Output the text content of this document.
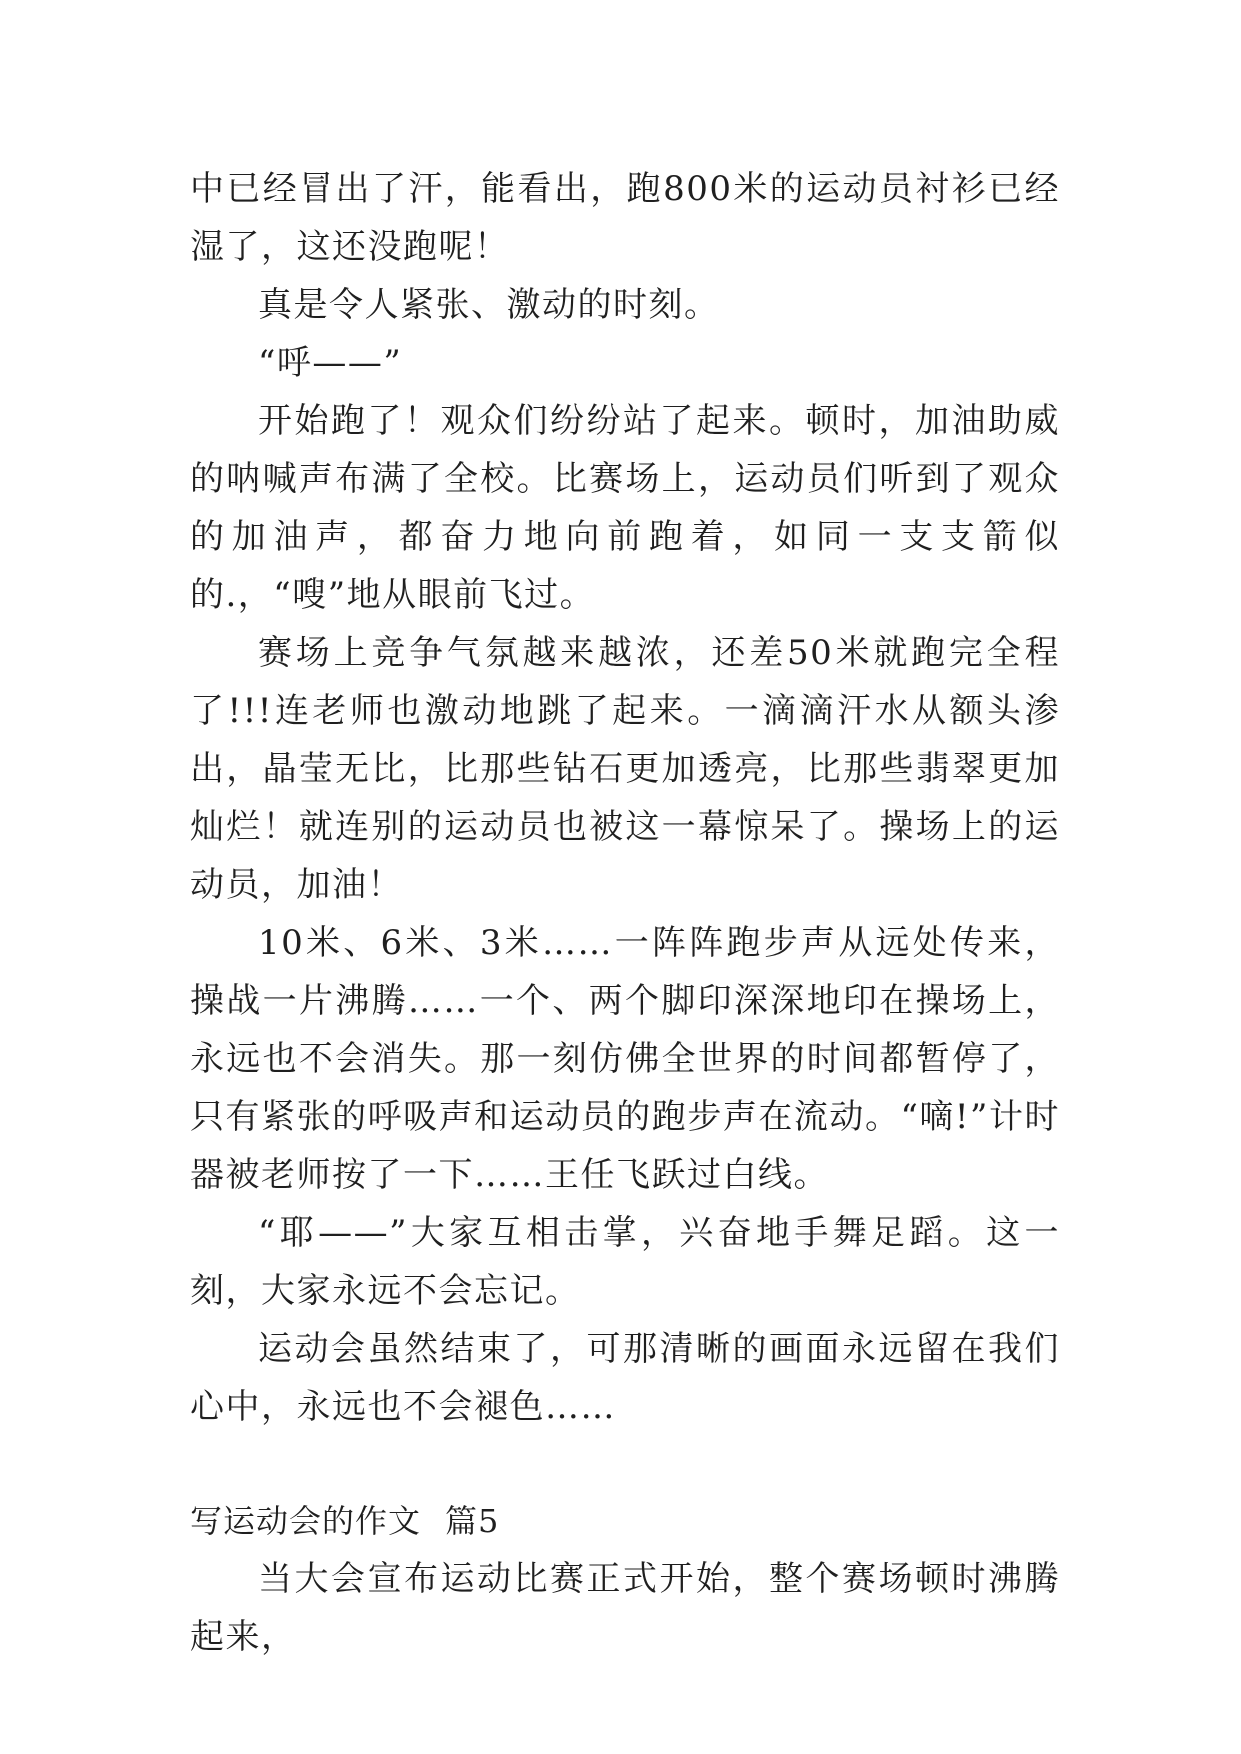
中已经冒出了汗，能看出，跑800米的运动员衬衫已经湿了，这还没跑呢！

真是令人紧张、激动的时刻。

“呼——”

开始跑了！观众们纷纷站了起来。顿时，加油助威的呐喊声布满了全校。比赛场上，运动员们听到了观众的加油声，都奋力地向前跑着，如同一支支箭似的.，“嗖”地从眼前飞过。

赛场上竞争气氛越来越浓，还差50米就跑完全程了!!!连老师也激动地跳了起来。一滴滴汗水从额头渗出，晶莹无比，比那些钻石更加透亮，比那些翡翠更加灿烂！就连别的运动员也被这一幕惊呆了。操场上的运动员，加油！

10米、6米、3米……一阵阵跑步声从远处传来，操战一片沸腾……一个、两个脚印深深地印在操场上，永远也不会消失。那一刻仿佛全世界的时间都暂停了，只有紧张的呼吸声和运动员的跑步声在流动。“嘀!”计时器被老师按了一下……王任飞跃过白线。

“耶——”大家互相击掌，兴奋地手舞足蹈。这一刻，大家永远不会忘记。

运动会虽然结束了，可那清晰的画面永远留在我们心中，永远也不会褪色……

写运动会的作文 篇5

当大会宣布运动比赛正式开始，整个赛场顿时沸腾起来，
